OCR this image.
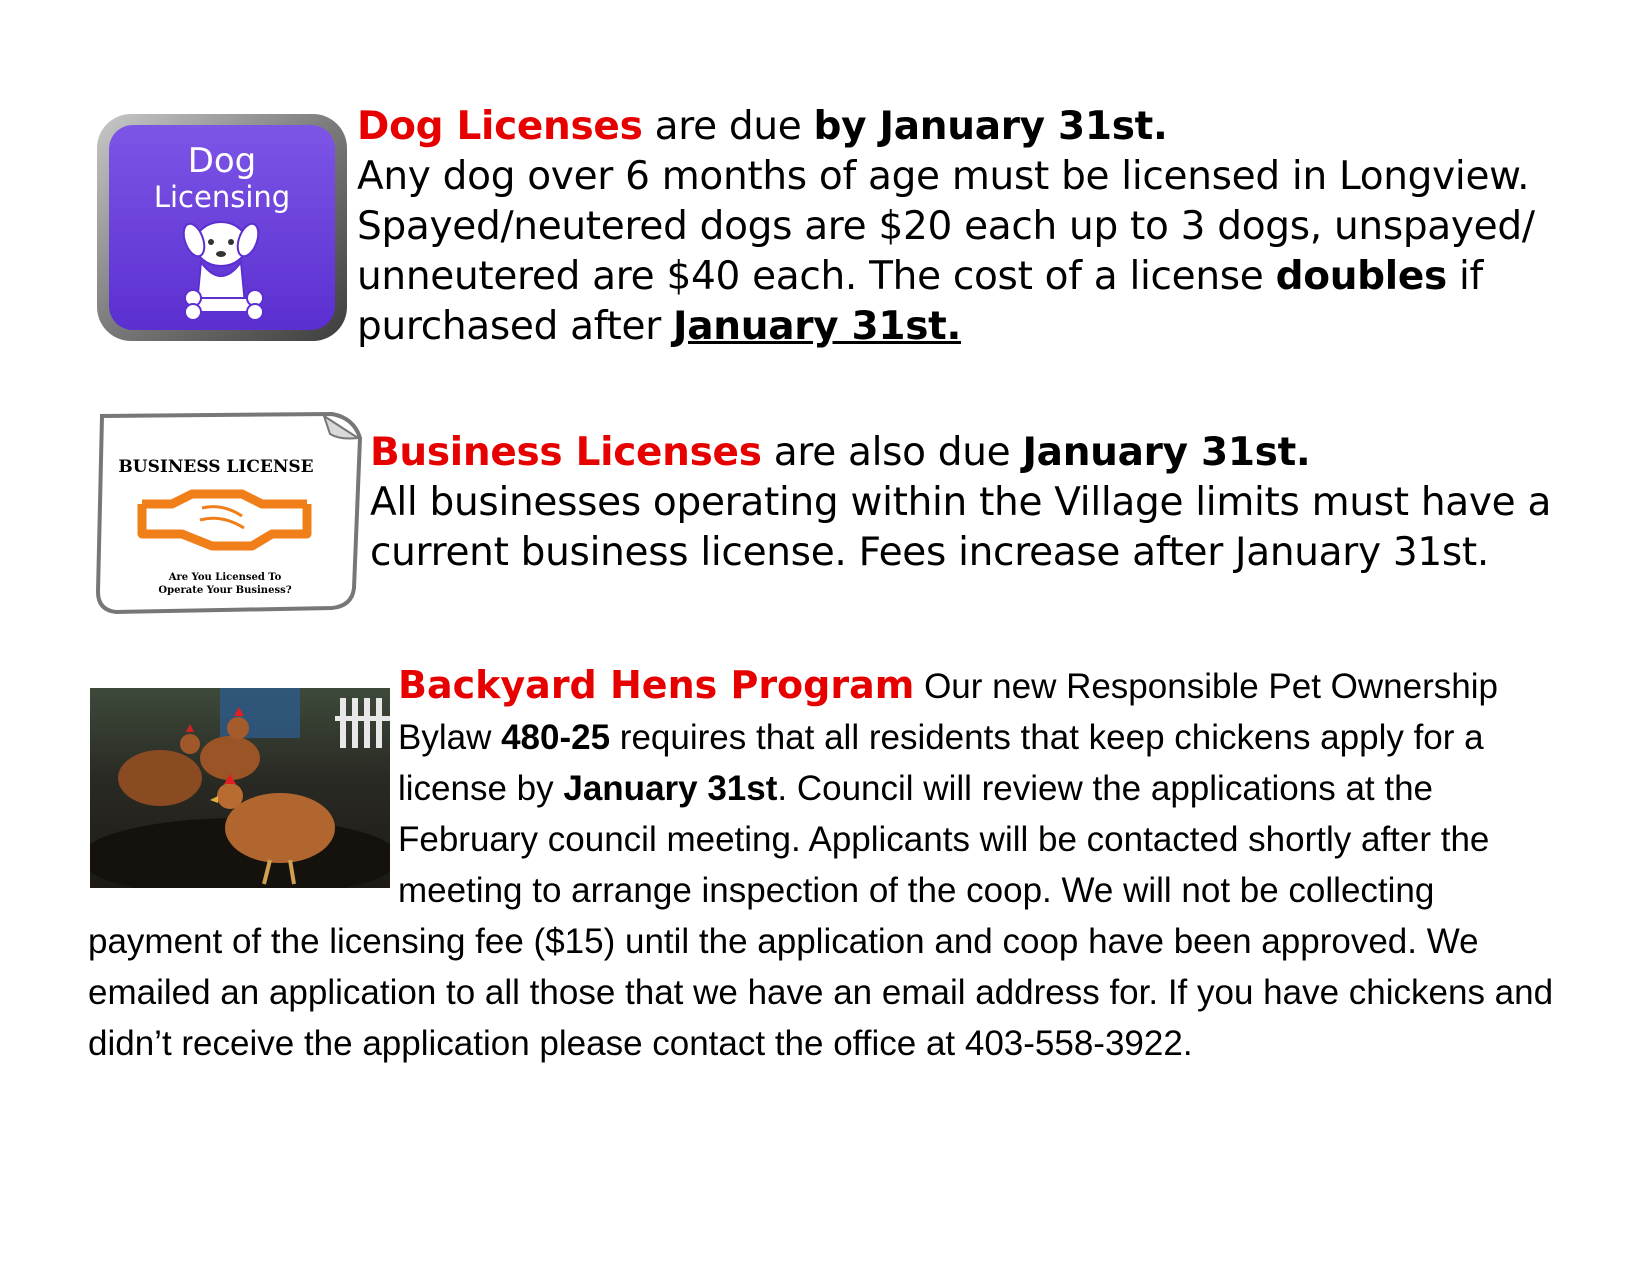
Dog
Licensing
Dog Licenses are due by January 31st.
Any dog over 6 months of age must be licensed in Longview. Spayed/neutered dogs are $20 each up to 3 dogs, unspayed/ unneutered are $40 each. The cost of a license doubles if purchased after January 31st.
BUSINESS LICENSE
Are You Licensed To
Operate Your Business?
Business Licenses are also due January 31st.
All businesses operating within the Village limits must have a current business license. Fees increase after January 31st.
Backyard Hens Program Our new Responsible Pet Ownership Bylaw 480-25 requires that all residents that keep chickens apply for a license by January 31st. Council will review the applications at the February council meeting. Applicants will be contacted shortly after the meeting to arrange inspection of the coop. We will not be collecting payment of the licensing fee ($15) until the application and coop have been approved. We emailed an application to all those that we have an email address for. If you have chickens and didn’t receive the application please contact the office at 403-558-3922.
